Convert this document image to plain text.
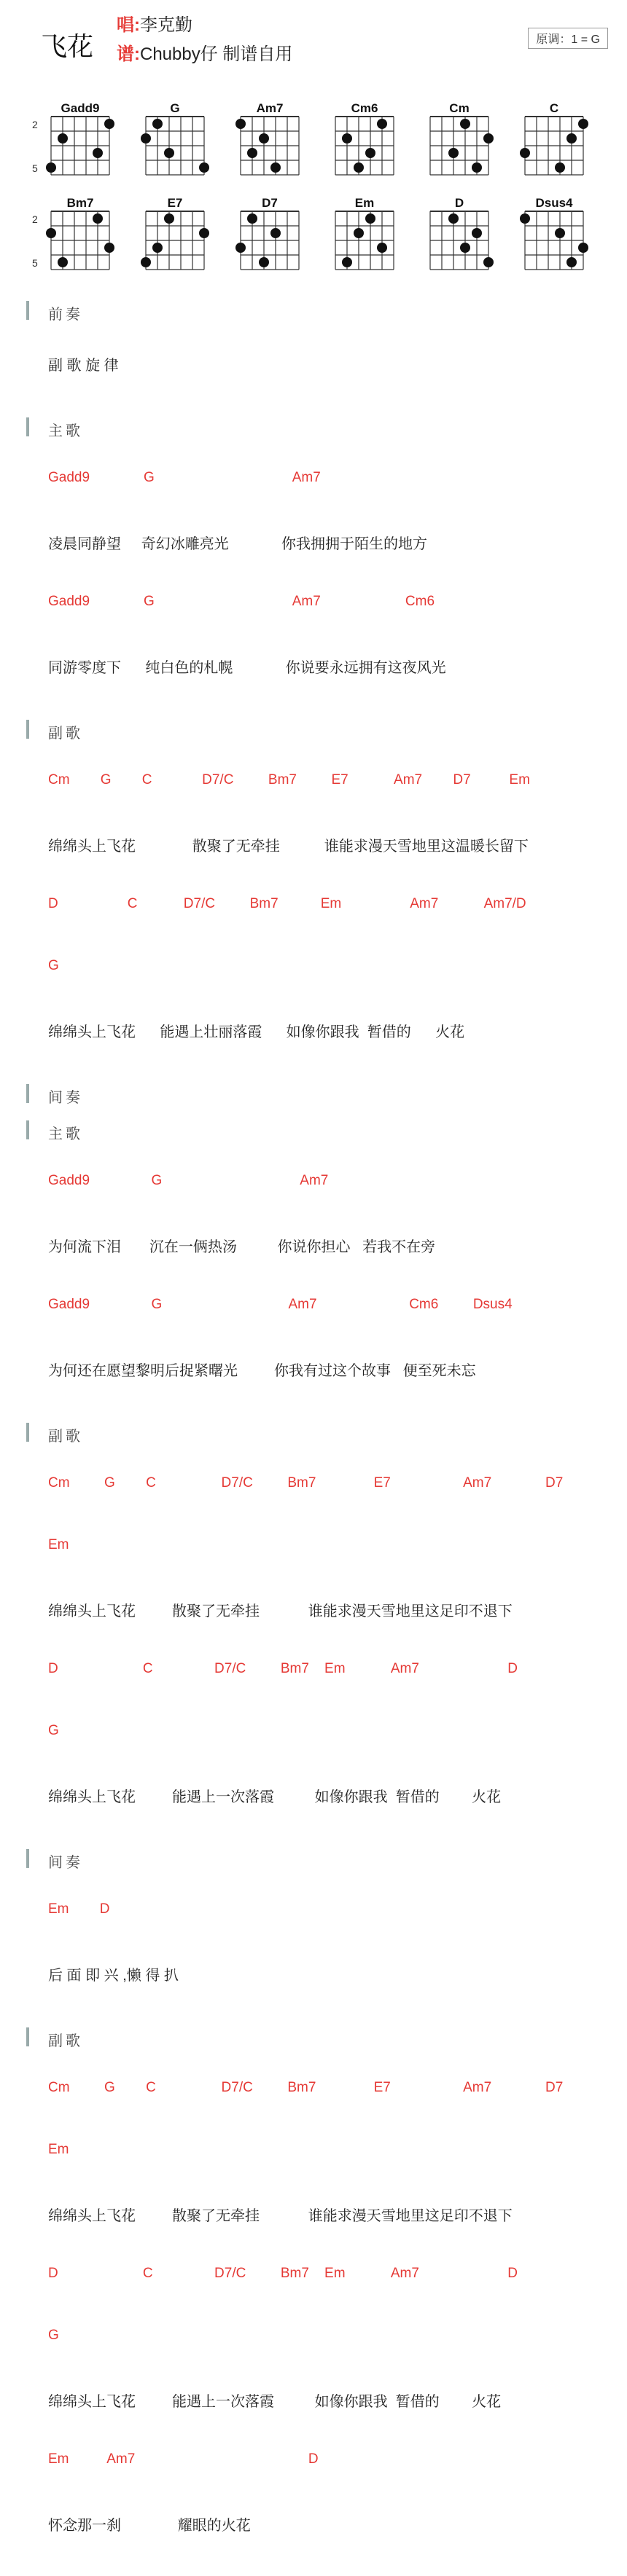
飞花
唱:李克勤
谱:Chubby仔 制谱自用
原调：1 = G
Gadd9
2
5
G	Am7	Cm6	Cm	C
Bm7
2
5
E7	D7	Em	D	Dsus4
前奏
副 歌 旋 律
主歌
Gadd9              G                                    Am7
凌晨同静望     奇幻冰雕亮光             你我拥拥于陌生的地方
Gadd9              G                                    Am7                      Cm6
同游零度下      纯白色的札幌             你说要永远拥有这夜风光
副歌
Cm        G        C             D7/C         Bm7         E7            Am7        D7          Em
绵绵头上飞花              散聚了无牵挂           谁能求漫天雪地里这温暖长留下
D                  C            D7/C         Bm7           Em                  Am7            Am7/D
G
绵绵头上飞花      能遇上壮丽落霞      如像你跟我  暂借的      火花
间奏
主歌
Gadd9                G                                    Am7
为何流下泪       沉在一俩热汤          你说你担心   若我不在旁
Gadd9                G                                 Am7                        Cm6         Dsus4
为何还在愿望黎明后捉紧曙光         你我有过这个故事   便至死未忘
副歌
Cm         G        C                 D7/C         Bm7               E7                   Am7              D7
Em
绵绵头上飞花         散聚了无牵挂            谁能求漫天雪地里这足印不退下
D                      C                D7/C         Bm7    Em            Am7                       D
G
绵绵头上飞花         能遇上一次落霞          如像你跟我  暂借的        火花
间奏
Em        D
后 面 即 兴 ,懒 得 扒
副歌
Cm         G        C                 D7/C         Bm7               E7                   Am7              D7
Em
绵绵头上飞花         散聚了无牵挂            谁能求漫天雪地里这足印不退下
D                      C                D7/C         Bm7    Em            Am7                       D
G
绵绵头上飞花         能遇上一次落霞          如像你跟我  暂借的        火花
Em          Am7                                             D
怀念那一刹              耀眼的火花
